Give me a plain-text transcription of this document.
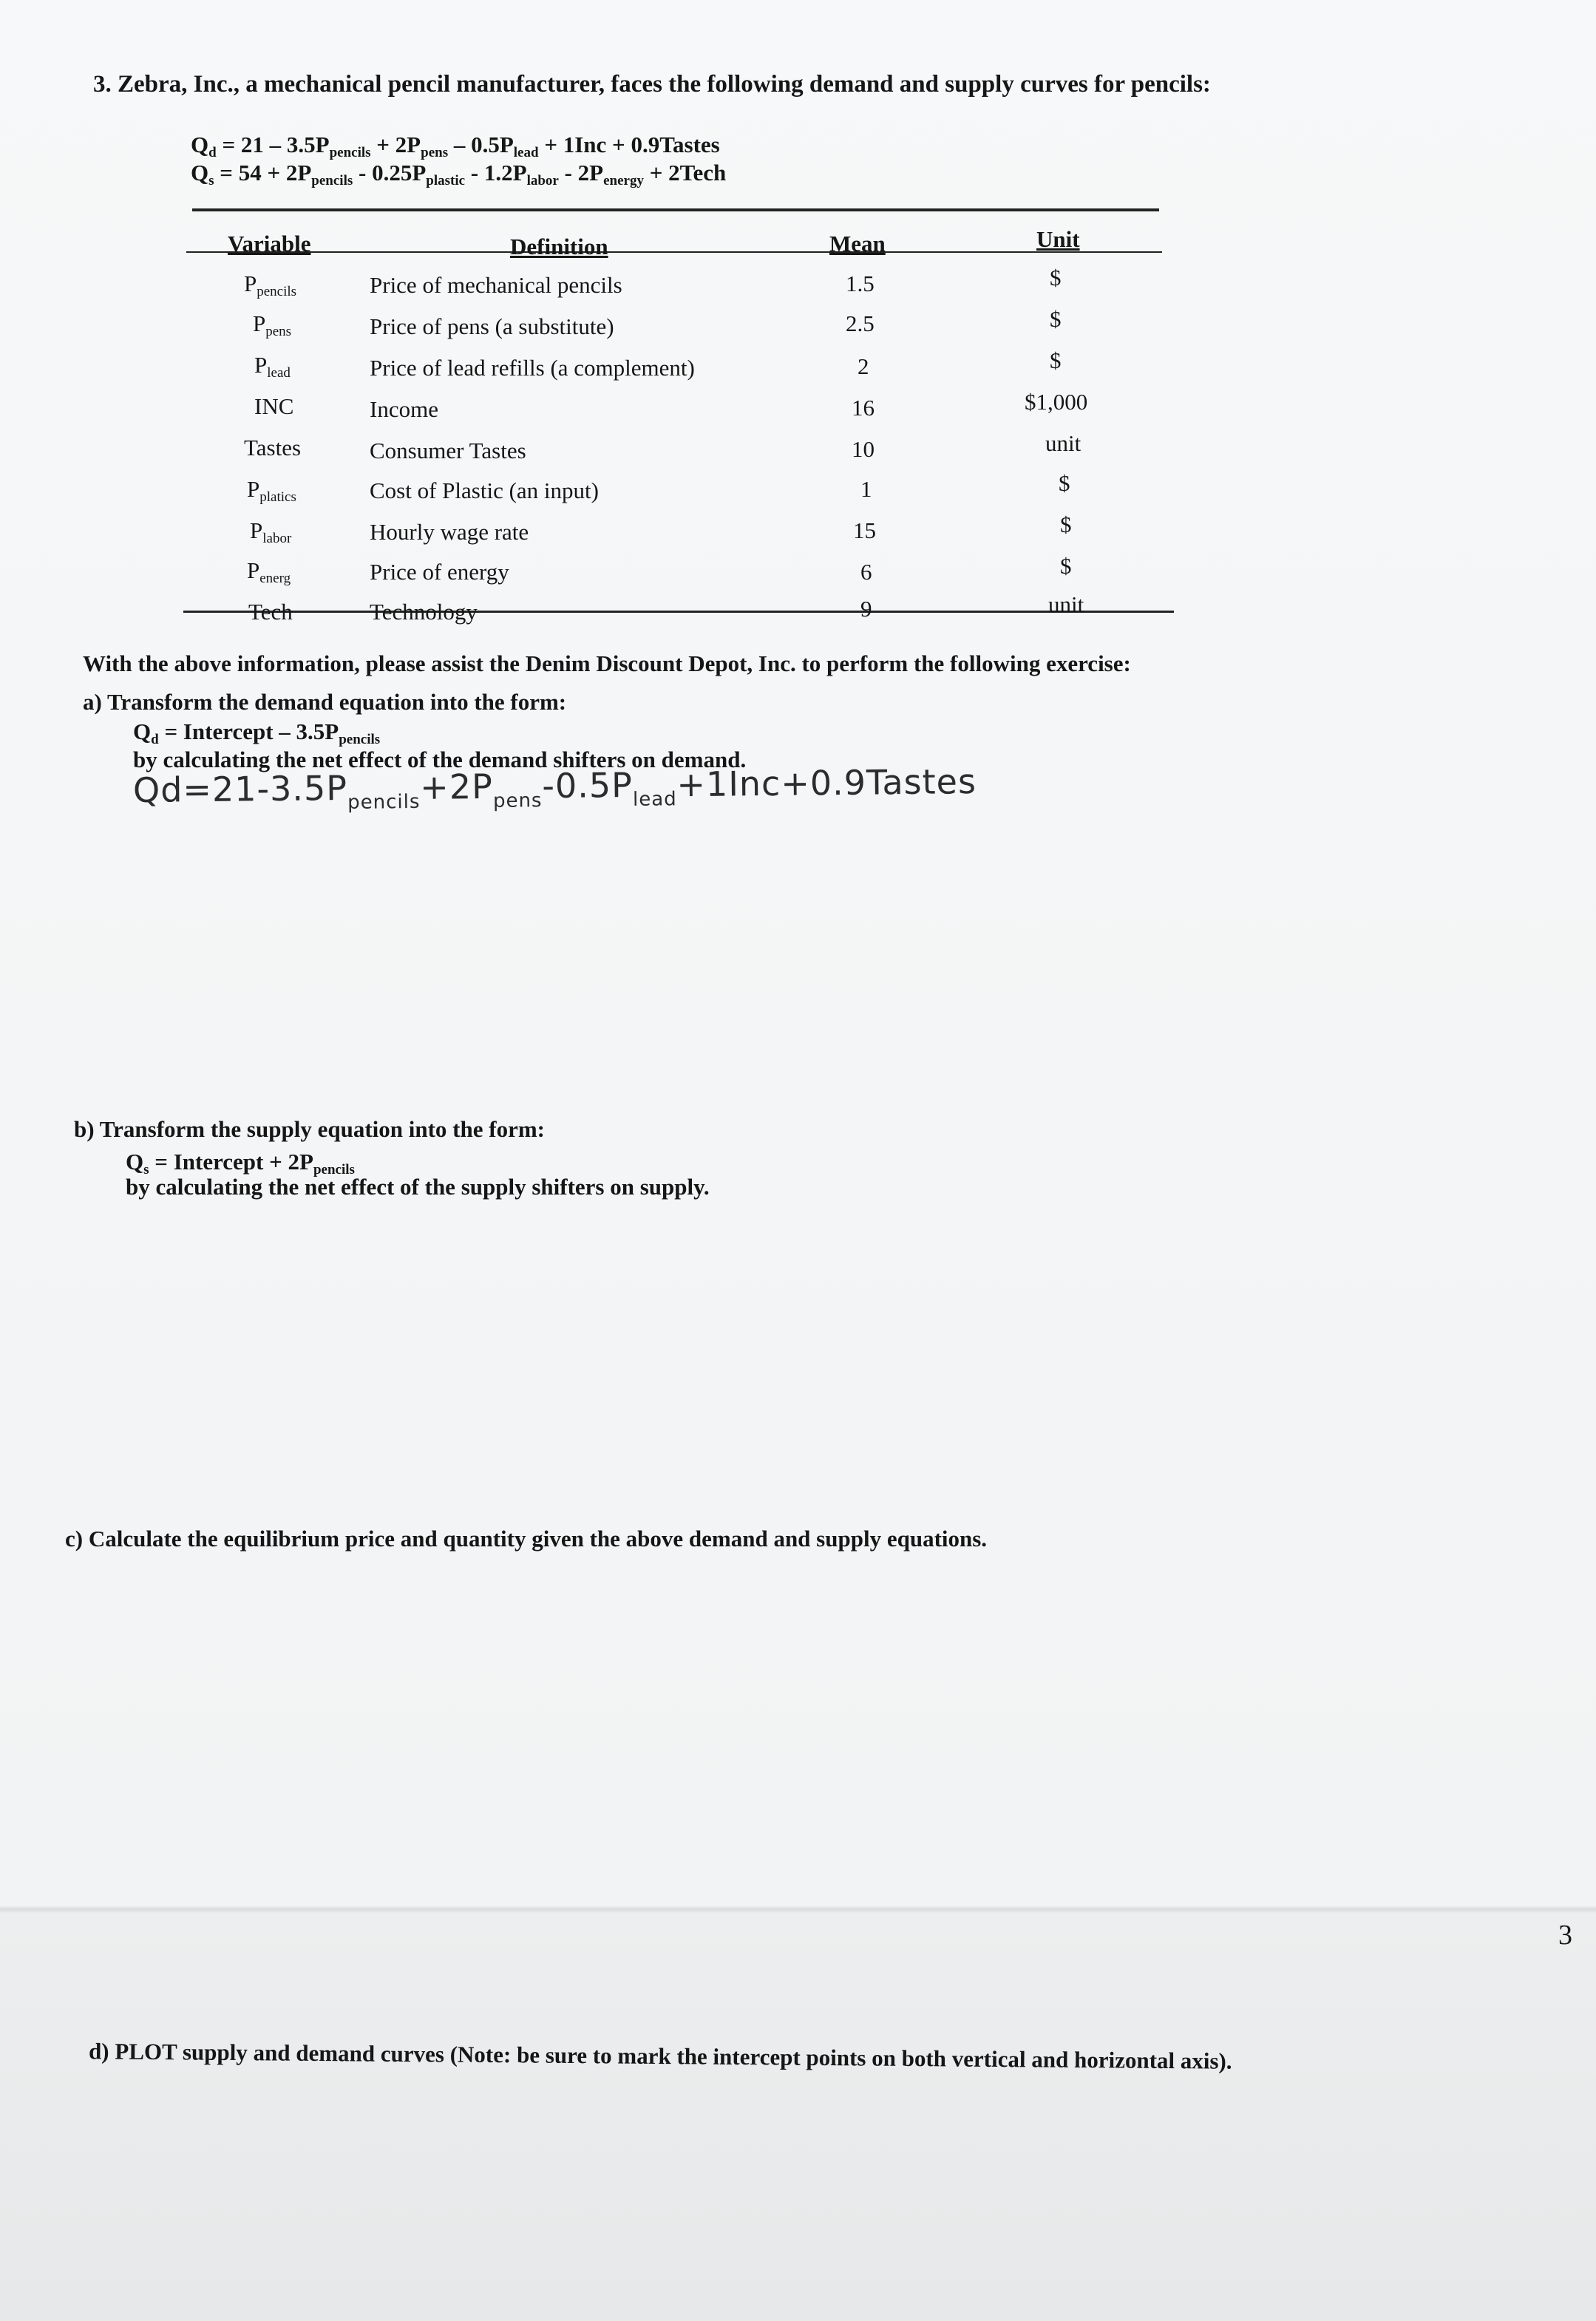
3. Zebra, Inc., a mechanical pencil manufacturer, faces the following demand and supply curves for pencils:
$Q_d = 21 - 3.5P_{pencils} + 2P_{pens} - 0.5P_{lead} + 1Inc$ + 0.9Tastes
$Q_s = 54 + 2P_{pencils} - 0.25P_{plastic} - 1.2P_{labor} - 2P_{energy}$ + 2Tech
Variable	Definition	Mean	Unit
$P_{pencils}$	Price of mechanical pencils	1.5	$
$P_{pens}$	Price of pens (a substitute)	2.5	$
$P_{lead}$	Price of lead refills (a complement)	2	$
INC	Income	16	$1,000
Tastes	Consumer Tastes	10	unit
$P_{platics}$	Cost of Plastic (an input)	1	$
$P_{labor}$	Hourly wage rate	15	$
$P_{energ}$	Price of energy	6	$
Tech	Technology	9	unit
With the above information, please assist the Denim Discount Depot, Inc. to perform the following exercise:
a) Transform the demand equation into the form:
$Q_d$ = Intercept – $3.5P_{pencils}$
by calculating the net effect of the demand shifters on demand.
$Qd=21-3.5P_{pencils}+2P_{pens}-0.5P_{lead}+1Inc+0.9Tastes$
b) Transform the supply equation into the form:
$Q_s$ = Intercept + $2P_{pencils}$
by calculating the net effect of the supply shifters on supply.
c) Calculate the equilibrium price and quantity given the above demand and supply equations.
3
d) PLOT supply and demand curves (Note: be sure to mark the intercept points on both vertical and horizontal axis).
